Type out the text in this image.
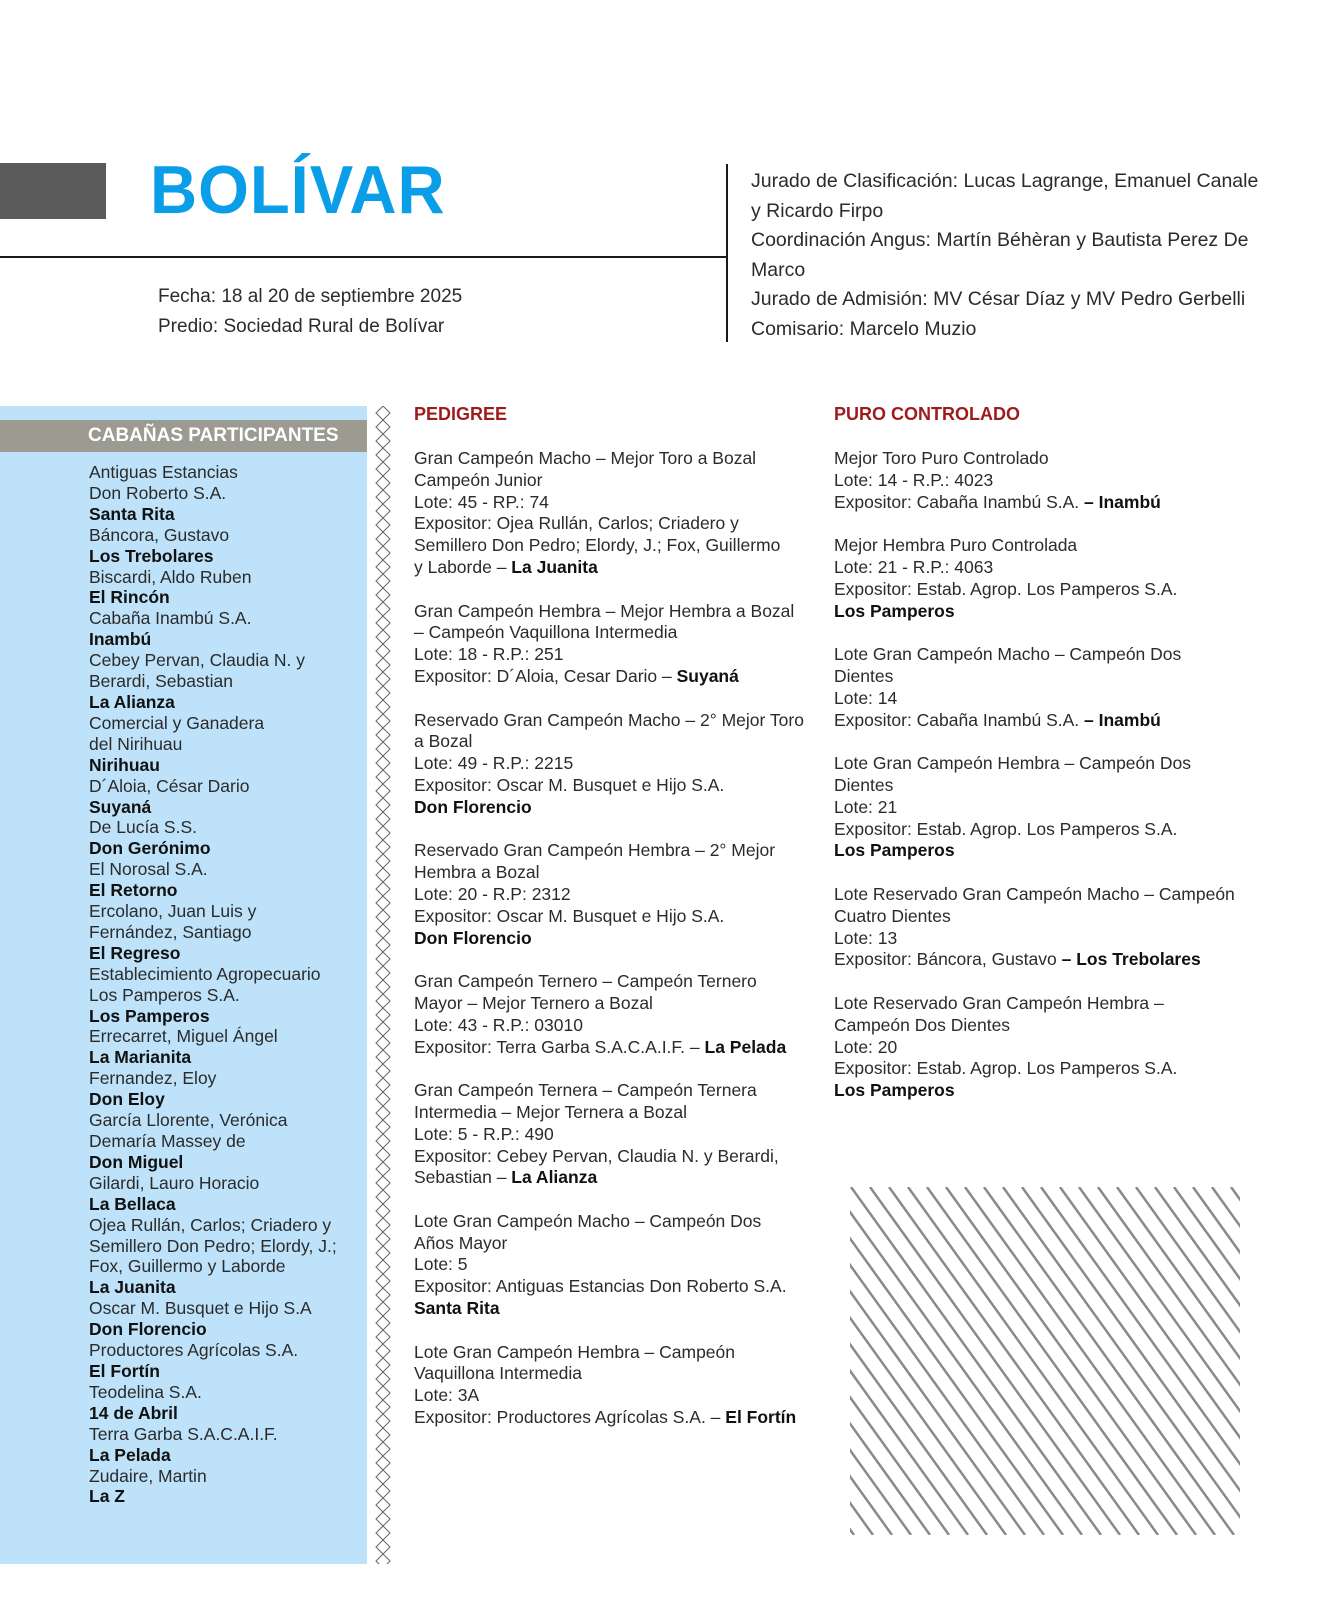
BOLÍVAR
Fecha: 18 al 20 de septiembre 2025
Predio: Sociedad Rural de Bolívar
Jurado de Clasificación: Lucas Lagrange, Emanuel Canale y Ricardo Firpo
Coordinación Angus: Martín Béhèran y Bautista Perez De Marco
Jurado de Admisión: MV César Díaz y MV Pedro Gerbelli
Comisario: Marcelo Muzio
CABAÑAS PARTICIPANTES
Antiguas Estancias
Don Roberto S.A.
Santa Rita
Báncora, Gustavo
Los Trebolares
Biscardi, Aldo Ruben
El Rincón
Cabaña Inambú S.A.
Inambú
Cebey Pervan, Claudia N. y
Berardi, Sebastian
La Alianza
Comercial y Ganadera
del Nirihuau
Nirihuau
D´Aloia, César Dario
Suyaná
De Lucía S.S.
Don Gerónimo
El Norosal S.A.
El Retorno
Ercolano, Juan Luis y
Fernández, Santiago
El Regreso
Establecimiento Agropecuario
Los Pamperos S.A.
Los Pamperos
Errecarret, Miguel Ángel
La Marianita
Fernandez, Eloy
Don Eloy
García Llorente, Verónica
Demaría Massey de
Don Miguel
Gilardi, Lauro Horacio
La Bellaca
Ojea Rullán, Carlos; Criadero y
Semillero Don Pedro; Elordy, J.;
Fox, Guillermo y Laborde
La Juanita
Oscar M. Busquet e Hijo S.A
Don Florencio
Productores Agrícolas S.A.
El Fortín
Teodelina S.A.
14 de Abril
Terra Garba S.A.C.A.I.F.
La Pelada
Zudaire, Martin
La Z
PEDIGREE
Gran Campeón Macho – Mejor Toro a Bozal
Campeón Junior
Lote: 45 - RP.: 74
Expositor: Ojea Rullán, Carlos; Criadero y
Semillero Don Pedro; Elordy, J.; Fox, Guillermo
y Laborde – La Juanita
Gran Campeón Hembra – Mejor Hembra a Bozal
– Campeón Vaquillona Intermedia
Lote: 18 - R.P.: 251
Expositor: D´Aloia, Cesar Dario – Suyaná
Reservado Gran Campeón Macho – 2° Mejor Toro
a Bozal
Lote: 49 - R.P.: 2215
Expositor: Oscar M. Busquet e Hijo S.A.
Don Florencio
Reservado Gran Campeón Hembra – 2° Mejor
Hembra a Bozal
Lote: 20 - R.P: 2312
Expositor: Oscar M. Busquet e Hijo S.A.
Don Florencio
Gran Campeón Ternero – Campeón Ternero
Mayor – Mejor Ternero a Bozal
Lote: 43 - R.P.: 03010
Expositor: Terra Garba S.A.C.A.I.F. – La Pelada
Gran Campeón Ternera – Campeón Ternera
Intermedia – Mejor Ternera a Bozal
Lote: 5 - R.P.: 490
Expositor: Cebey Pervan, Claudia N. y Berardi,
Sebastian – La Alianza
Lote Gran Campeón Macho – Campeón Dos
Años Mayor
Lote: 5
Expositor: Antiguas Estancias Don Roberto S.A.
Santa Rita
Lote Gran Campeón Hembra – Campeón
Vaquillona Intermedia
Lote: 3A
Expositor: Productores Agrícolas S.A. – El Fortín
PURO CONTROLADO
Mejor Toro Puro Controlado
Lote: 14 - R.P.: 4023
Expositor: Cabaña Inambú S.A. – Inambú
Mejor Hembra Puro Controlada
Lote: 21 - R.P.: 4063
Expositor: Estab. Agrop. Los Pamperos S.A.
Los Pamperos
Lote Gran Campeón Macho – Campeón Dos
Dientes
Lote: 14
Expositor: Cabaña Inambú S.A. – Inambú
Lote Gran Campeón Hembra – Campeón Dos
Dientes
Lote: 21
Expositor: Estab. Agrop. Los Pamperos S.A.
Los Pamperos
Lote Reservado Gran Campeón Macho – Campeón
Cuatro Dientes
Lote: 13
Expositor: Báncora, Gustavo – Los Trebolares
Lote Reservado Gran Campeón Hembra –
Campeón Dos Dientes
Lote: 20
Expositor: Estab. Agrop. Los Pamperos S.A.
Los Pamperos
